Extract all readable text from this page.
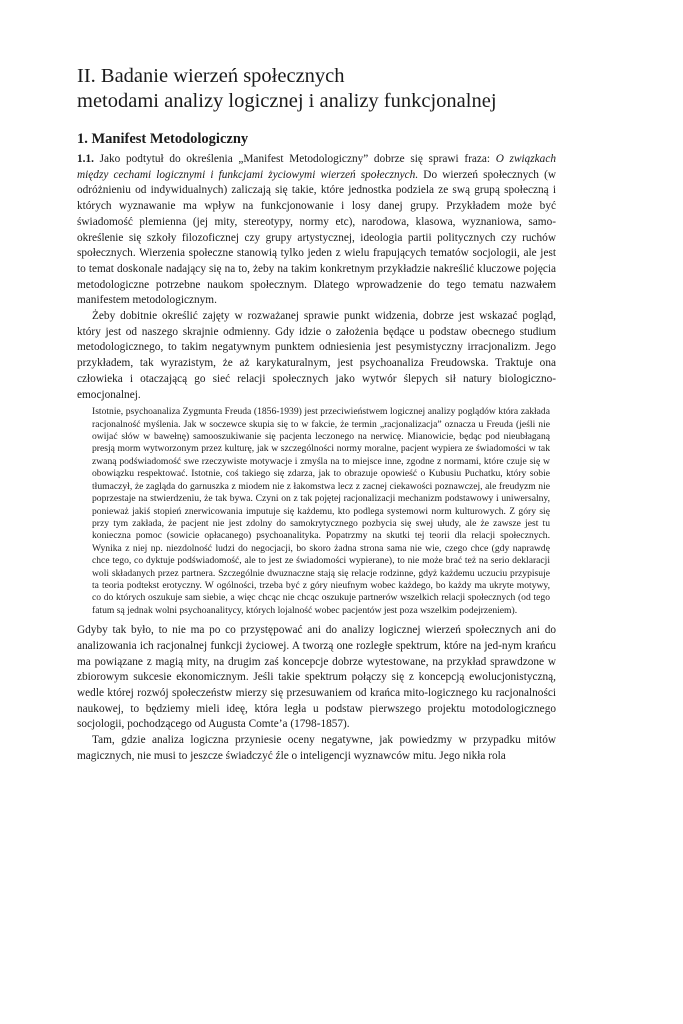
II. Badanie wierzeń społecznych
metodami analizy logicznej i analizy funkcjonalnej
1. Manifest Metodologiczny

1.1. Jako podtytuł do określenia „Manifest Metodologiczny” dobrze się sprawi fraza: O związkach między cechami logicznymi i funkcjami życiowymi wierzeń społecznych. Do wierzeń społecznych (w odróżnieniu od indywidualnych) zaliczają się takie, które jednostka podziela ze swą grupą społeczną i których wyznawanie ma wpływ na funkcjonowanie i losy danej grupy. Przykładem może być świadomość plemienna (jej mity, stereotypy, normy etc), narodowa, klasowa, wyznaniowa, samo-określenie się szkoły filozoficznej czy grupy artystycznej, ideologia partii politycznych czy ruchów społecznych. Wierzenia społeczne stanowią tylko jeden z wielu frapujących tematów socjologii, ale jest to temat doskonale nadający się na to, żeby na takim konkretnym przykładzie nakreślić kluczowe pojęcia metodologiczne potrzebne naukom społecznym. Dlatego wprowadzenie do tego tematu nazwałem manifestem metodologicznym.

Żeby dobitnie określić zajęty w rozważanej sprawie punkt widzenia, dobrze jest wskazać pogląd, który jest od naszego skrajnie odmienny. Gdy idzie o założenia będące u podstaw obecnego studium metodologicznego, to takim negatywnym punktem odniesienia jest pesymistyczny irracjonalizm. Jego przykładem, tak wyrazistym, że aż karykaturalnym, jest psychoanaliza Freudowska. Traktuje ona człowieka i otaczającą go sieć relacji społecznych jako wytwór ślepych sił natury biologiczno-emocjonalnej.

Istotnie, psychoanaliza Zygmunta Freuda (1856-1939) jest przeciwieństwem logicznej analizy poglądów która zakłada racjonalność myślenia. Jak w soczewce skupia się to w fakcie, że termin „racjonalizacja” oznacza u Freuda (jeśli nie owijać słów w bawełnę) samooszukiwanie się pacjenta leczonego na nerwicę. Mianowicie, będąc pod nieubłaganą presją morm wytworzonym przez kulturę, jak w szczególności normy moralne, pacjent wypiera ze świadomości w tak zwaną podświadomość swe rzeczywiste motywacje i zmyśla na to miejsce inne, zgodne z normami, które czuje się w obowiązku respektować. Istotnie, coś takiego się zdarza, jak to obrazuje opowieść o Kubusiu Puchatku, który sobie tłumaczył, że zagląda do garnuszka z miodem nie z łakomstwa lecz z zacnej ciekawości poznawczej, ale freudyzm nie poprzestaje na stwierdzeniu, że tak bywa. Czyni on z tak pojętej racjonalizacji mechanizm podstawowy i uniwersalny, ponieważ jakiś stopień znerwicowania imputuje się każdemu, kto podlega systemowi norm kulturowych. Z góry się przy tym zakłada, że pacjent nie jest zdolny do samokrytycznego pozbycia się swej ułudy, ale że zawsze jest tu konieczna pomoc (sowicie opłacanego) psychoanalityka. Popatrzmy na skutki tej teorii dla relacji społecznych. Wynika z niej np. niezdolność ludzi do negocjacji, bo skoro żadna strona sama nie wie, czego chce (gdy naprawdę chce tego, co dyktuje podświadomość, ale to jest ze świadomości wypierane), to nie może brać też na serio deklaracji woli składanych przez partnera. Szczególnie dwuznaczne stają się relacje rodzinne, gdyż każdemu uczuciu przypisuje ta teoria podtekst erotyczny. W ogólności, trzeba być z góry nieufnym wobec każdego, bo każdy ma ukryte motywy, co do których oszukuje sam siebie, a więc chcąc nie chcąc oszukuje partnerów wszelkich relacji społecznych (od tego fatum są jednak wolni psychoanalitycy, których lojalność wobec pacjentów jest poza wszelkim podejrzeniem).

Gdyby tak było, to nie ma po co przystępować ani do analizy logicznej wierzeń społecznych ani do analizowania ich racjonalnej funkcji życiowej. A tworzą one rozległe spektrum, które na jed-nym krańcu ma powiązane z magią mity, na drugim zaś koncepcje dobrze wytestowane, na przykład sprawdzone w zbiorowym sukcesie ekonomicznym. Jeśli takie spektrum połączy się z koncepcją ewolucjonistyczną, wedle której rozwój społeczeństw mierzy się przesuwaniem od krańca mito-logicznego ku racjonalności naukowej, to będziemy mieli ideę, która legła u podstaw pierwszego projektu motodologicznego socjologii, pochodzącego od Augusta Comte’a (1798-1857).

Tam, gdzie analiza logiczna przyniesie oceny negatywne, jak powiedzmy w przypadku mitów magicznych, nie musi to jeszcze świadczyć źle o inteligencji wyznawców mitu. Jego nikła rola
